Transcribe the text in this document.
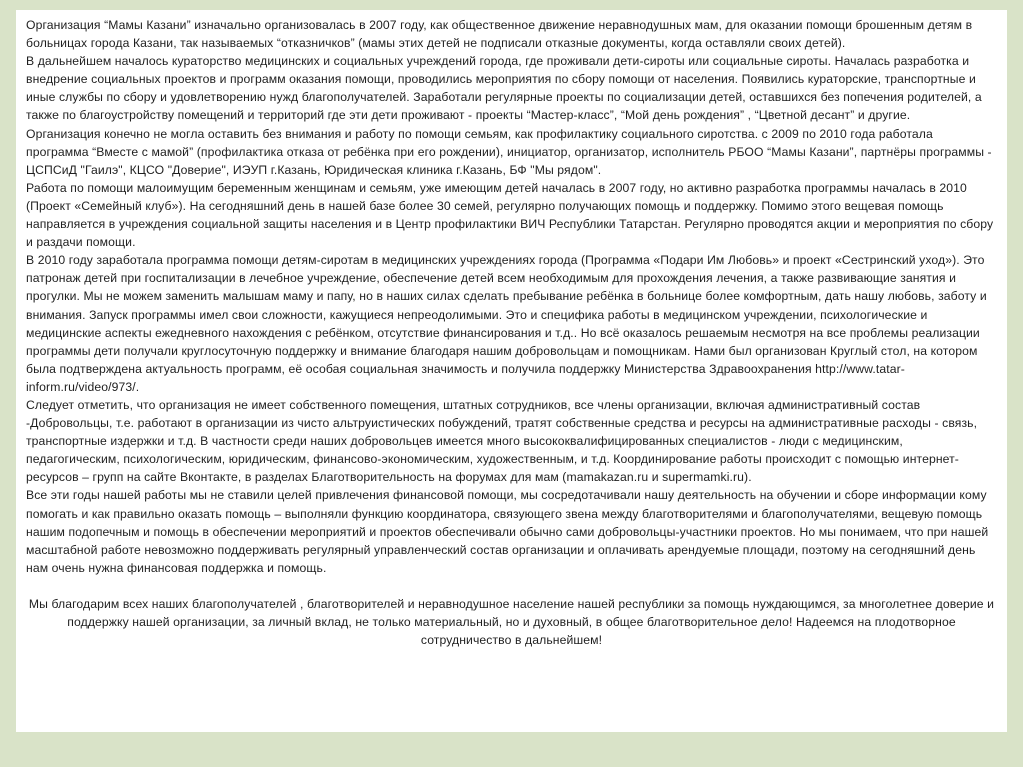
Организация “Мамы Казани” изначально организовалась в 2007 году, как общественное движение неравнодушных мам, для оказании помощи брошенным детям в больницах города Казани, так называемых “отказничков” (мамы этих детей не подписали отказные документы, когда оставляли своих детей).

В дальнейшем началось кураторство медицинских и социальных учреждений города, где проживали дети-сироты или социальные сироты. Началась разработка и внедрение социальных проектов и программ оказания помощи, проводились мероприятия по сбору помощи от населения. Появились кураторские, транспортные и иные службы по сбору и удовлетворению нужд благополучателей. Заработали регулярные проекты по социализации детей, оставшихся без попечения родителей, а также по благоустройству помещений и территорий где эти дети проживают - проекты “Мастер-класс”, “Мой день рождения” , “Цветной десант” и другие.

Организация конечно не могла оставить без внимания и работу по помощи семьям, как профилактику социального сиротства. с 2009 по 2010 года работала программа “Вместе с мамой” (профилактика отказа от ребёнка при его рождении), инициатор, организатор, исполнитель РБОО “Мамы Казани”, партнёры программы - ЦСПСиД "Гаилэ", КЦСО "Доверие", ИЭУП г.Казань, Юридическая клиника г.Казань, БФ "Мы рядом".

Работа по помощи малоимущим беременным женщинам и семьям, уже имеющим детей началась в 2007 году, но активно разработка программы началась в 2010 (Проект «Семейный клуб»). На сегодняшний день в нашей базе более 30 семей, регулярно получающих помощь и поддержку. Помимо этого вещевая помощь направляется в учреждения социальной защиты населения и в Центр профилактики ВИЧ Республики Татарстан. Регулярно проводятся акции и мероприятия по сбору и раздачи помощи.

В 2010 году заработала программа помощи детям-сиротам в медицинских учреждениях города (Программа «Подари Им Любовь» и проект «Сестринский уход»). Это патронаж детей при госпитализации в лечебное учреждение, обеспечение детей всем необходимым для прохождения лечения, а также развивающие занятия и прогулки. Мы не можем заменить малышам маму и папу, но в наших силах сделать пребывание ребёнка в больнице более комфортным, дать нашу любовь, заботу и внимания. Запуск программы имел свои сложности, кажущиеся непреодолимыми. Это и специфика работы в медицинском учреждении, психологические и медицинские аспекты ежедневного нахождения с ребёнком, отсутствие финансирования и т.д.. Но всё оказалось решаемым несмотря на все проблемы реализации программы дети получали круглосуточную поддержку и внимание благодаря нашим добровольцам и помощникам. Нами был организован Круглый стол, на котором была подтверждена актуальность программ, её особая социальная значимость и получила поддержку Министерства Здравоохранения http://www.tatar-inform.ru/video/973/.

Следует отметить, что организация не имеет собственного помещения, штатных сотрудников, все члены организации, включая административный состав -Добровольцы, т.е. работают в организации из чисто альтруистических побуждений, тратят собственные средства и ресурсы на административные расходы - связь, транспортные издержки и т.д. В частности среди наших добровольцев имеется много высококвалифицированных специалистов - люди с медицинским, педагогическим, психологическим, юридическим, финансово-экономическим, художественным, и т.д. Координирование работы происходит с помощью интернет-ресурсов – групп на сайте Вконтакте, в разделах Благотворительность на форумах для мам (mamakazan.ru и supermamki.ru).

Все эти годы нашей работы мы не ставили целей привлечения финансовой помощи, мы сосредотачивали нашу деятельность на обучении и сборе информации кому помогать и как правильно оказать помощь – выполняли функцию координатора, связующего звена между благотворителями и благополучателями, вещевую помощь нашим подопечным и помощь в обеспечении мероприятий и проектов обеспечивали обычно сами добровольцы-участники проектов. Но мы понимаем, что при нашей масштабной работе невозможно поддерживать регулярный управленческий состав организации и оплачивать арендуемые площади, поэтому на сегодняшний день нам очень нужна финансовая поддержка и помощь.

Мы благодарим всех наших благополучателей , благотворителей и неравнодушное население нашей республики за помощь нуждающимся, за многолетнее доверие и поддержку нашей организации, за личный вклад, не только материальный, но и духовный, в общее благотворительное дело! Надеемся на плодотворное сотрудничество в дальнейшем!
